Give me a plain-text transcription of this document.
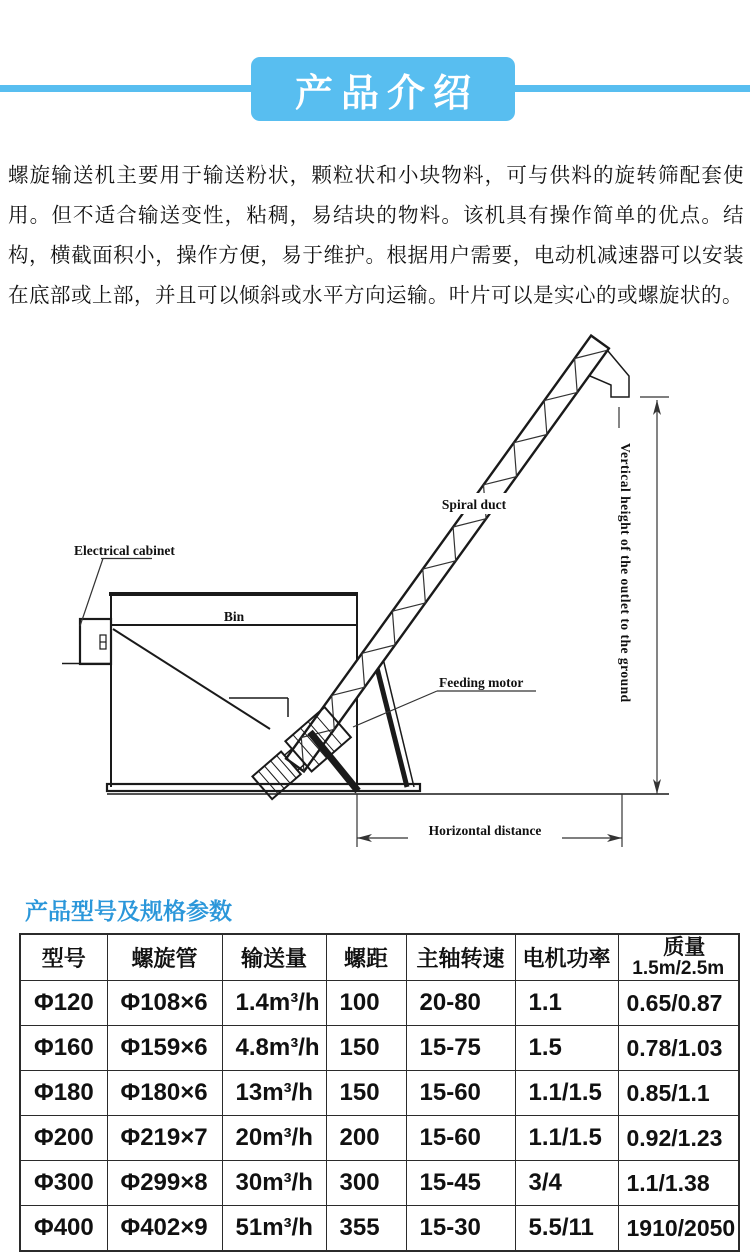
产品介绍
螺旋输送机主要用于输送粉状，颗粒状和小块物料，可与供料的旋转筛配套使用。但不适合输送变性，粘稠，易结块的物料。该机具有操作简单的优点。结构，横截面积小，操作方便，易于维护。根据用户需要，电动机减速器可以安装在底部或上部，并且可以倾斜或水平方向运输。叶片可以是实心的或螺旋状的。
Vertical height of the outlet to the ground
Horizontal distance
Electrical cabinet
Bin
Spiral duct
Feeding motor
产品型号及规格参数
型号	螺旋管	输送量	螺距	主轴转速	电机功率	质量
1.5m/2.5m

Φ120	Φ108×6	1.4m³/h	100	20-80	1.1	0.65/0.87
Φ160	Φ159×6	4.8m³/h	150	15-75	1.5	0.78/1.03
Φ180	Φ180×6	13m³/h	150	15-60	1.1/1.5	0.85/1.1
Φ200	Φ219×7	20m³/h	200	15-60	1.1/1.5	0.92/1.23
Φ300	Φ299×8	30m³/h	300	15-45	3/4	1.1/1.38
Φ400	Φ402×9	51m³/h	355	15-30	5.5/11	1910/2050
